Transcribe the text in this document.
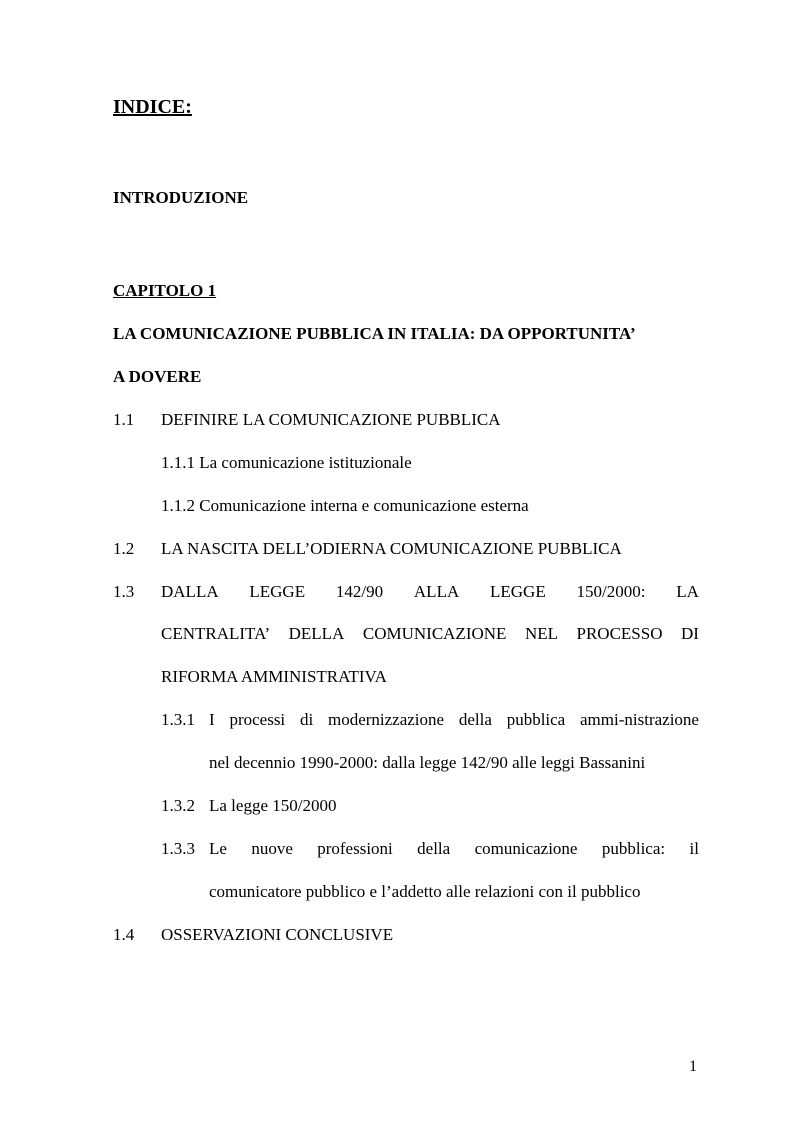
INDICE:
INTRODUZIONE
CAPITOLO 1
LA COMUNICAZIONE PUBBLICA IN ITALIA: DA OPPORTUNITA’
A DOVERE
1.1 DEFINIRE LA COMUNICAZIONE PUBBLICA
1.1.1 La comunicazione istituzionale
1.1.2 Comunicazione interna e comunicazione esterna
1.2 LA NASCITA DELL’ODIERNA COMUNICAZIONE PUBBLICA
1.3 DALLA LEGGE 142/90 ALLA LEGGE 150/2000: LA
CENTRALITA’ DELLA COMUNICAZIONE NEL PROCESSO DI
RIFORMA AMMINISTRATIVA
1.3.1 I processi di modernizzazione della pubblica ammi-nistrazione
nel decennio 1990-2000: dalla legge 142/90 alle leggi Bassanini
1.3.2 La legge 150/2000
1.3.3 Le nuove professioni della comunicazione pubblica: il
comunicatore pubblico e l’addetto alle relazioni con il pubblico
1.4 OSSERVAZIONI CONCLUSIVE
1
